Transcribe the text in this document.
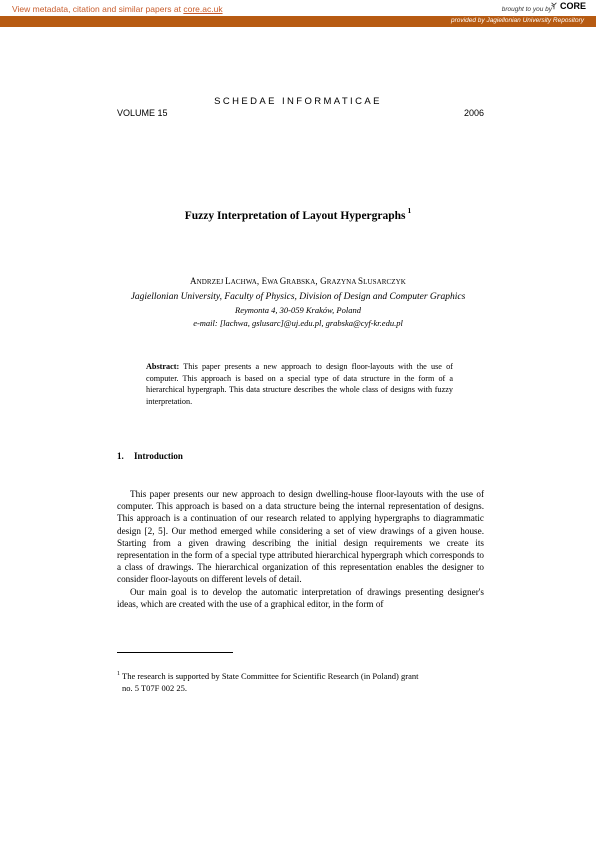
View metadata, citation and similar papers at core.ac.uk	brought to you by CORE
provided by Jagiellonian University Repository
SCHEDAE INFORMATICAE
VOLUME 15	2006
Fuzzy Interpretation of Layout Hypergraphs $^1$
ANDRZEJ LACHWA, EWA GRABSKA, GRAZYNA SLUSARCZYK
Jagiellonian University, Faculty of Physics, Division of Design and Computer Graphics
Reymonta 4, 30-059 Kraków, Poland
e-mail: [lachwa, gslusarc]@uj.edu.pl, grabska@cyf-kr.edu.pl
Abstract: This paper presents a new approach to design floor-layouts with the use of computer. This approach is based on a special type of data structure in the form of a hierarchical hypergraph. This data structure describes the whole class of designs with fuzzy interpretation.
1. Introduction

This paper presents our new approach to design dwelling-house floor-layouts with the use of computer. This approach is based on a data structure being the internal representation of designs. This approach is a continuation of our research related to applying hypergraphs to diagrammatic design [2, 5]. Our method emerged while considering a set of view drawings of a given house. Starting from a given drawing describing the initial design requirements we create its representation in the form of a special type attributed hierarchical hypergraph which corresponds to a class of drawings. The hierarchical organization of this representation enables the designer to consider floor-layouts on different levels of detail.

Our main goal is to develop the automatic interpretation of drawings presenting designer's ideas, which are created with the use of a graphical editor, in the form of

$^1$ The research is supported by State Committee for Scientific Research (in Poland) grant
no. 5 T07F 002 25.
